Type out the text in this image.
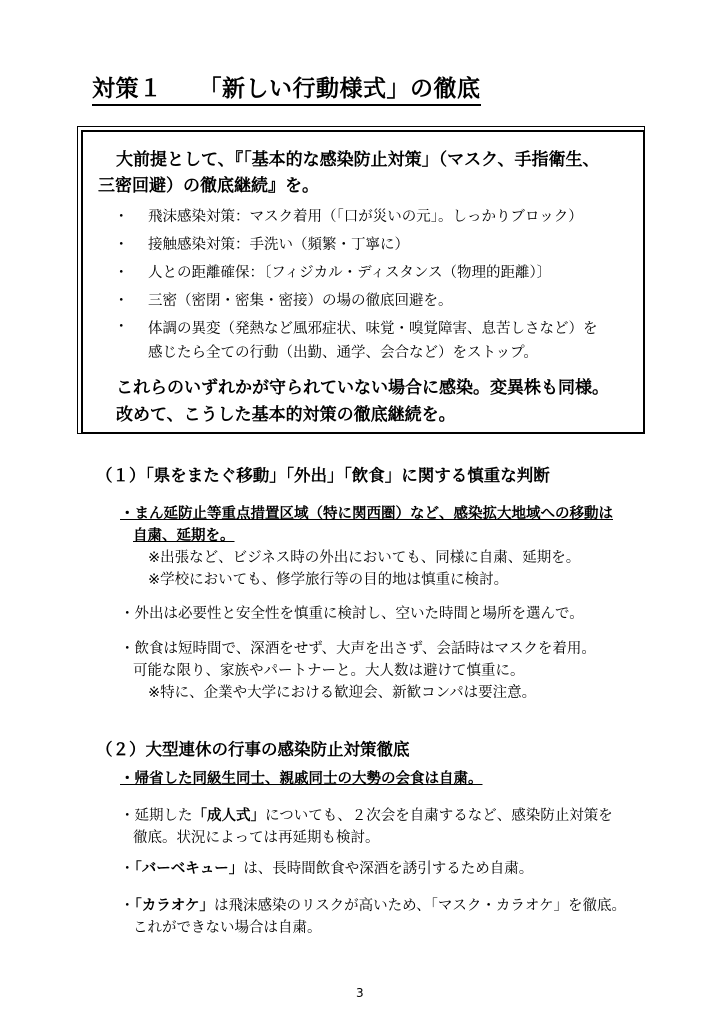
対策１ 「新しい行動様式」の徹底
大前提として、『「基本的な感染防止対策」（マスク、手指衛生、
三密回避）の徹底継続』を。
・ 飛沫感染対策：マスク着用（「口が災いの元」。しっかりブロック）
・ 接触感染対策：手洗い（頻繁・丁寧に）
・ 人との距離確保：〔フィジカル・ディスタンス（物理的距離）〕
・ 三密（密閉・密集・密接）の場の徹底回避を。
・ 体調の異変（発熱など風邪症状、味覚・嗅覚障害、息苦しさなど）を
感じたら全ての行動（出勤、通学、会合など）をストップ。
これらのいずれかが守られていない場合に感染。変異株も同様。
改めて、こうした基本的対策の徹底継続を。
（１）「県をまたぐ移動」「外出」「飲食」に関する慎重な判断
・まん延防止等重点措置区域（特に関西圏）など、感染拡大地域への移動は
自粛、延期を。
※出張など、ビジネス時の外出においても、同様に自粛、延期を。
※学校においても、修学旅行等の目的地は慎重に検討。
・外出は必要性と安全性を慎重に検討し、空いた時間と場所を選んで。
・飲食は短時間で、深酒をせず、大声を出さず、会話時はマスクを着用。
可能な限り、家族やパートナーと。大人数は避けて慎重に。
※特に、企業や大学における歓迎会、新歓コンパは要注意。
（２）大型連休の行事の感染防止対策徹底
・帰省した同級生同士、親戚同士の大勢の会食は自粛。
・延期した「成人式」についても、２次会を自粛するなど、感染防止対策を
徹底。状況によっては再延期も検討。
・「バーベキュー」は、長時間飲食や深酒を誘引するため自粛。
・「カラオケ」は飛沫感染のリスクが高いため、「マスク・カラオケ」を徹底。
これができない場合は自粛。
3
